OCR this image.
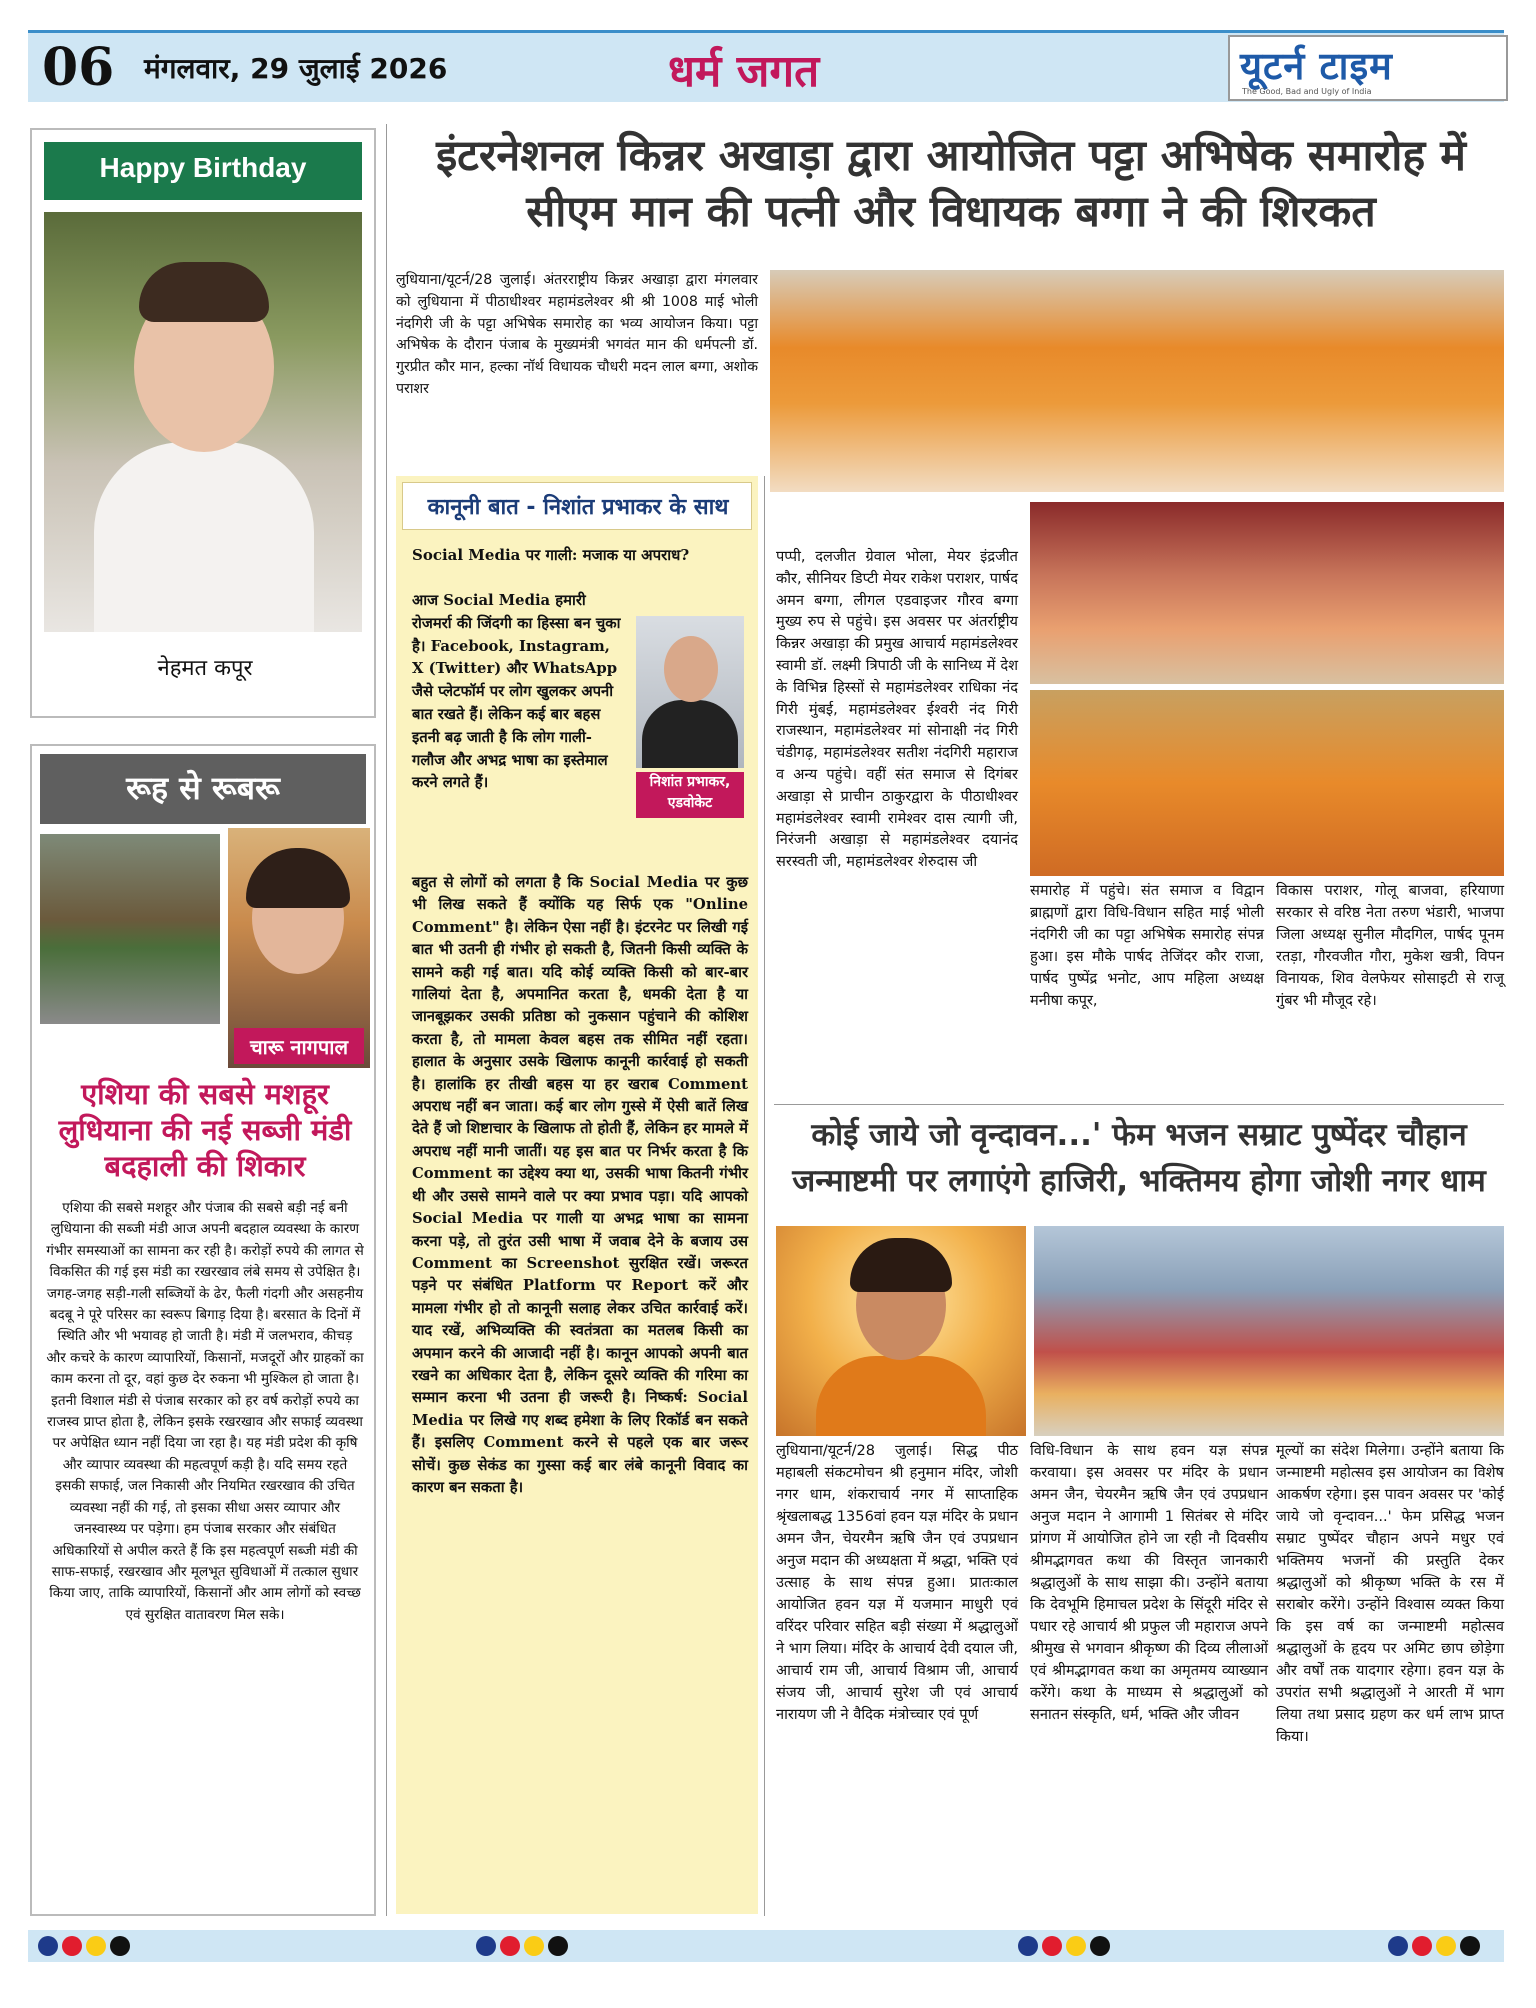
06 मंगलवार, 29 जुलाई 2026	धर्म जगत	यूटर्न टाइम
The Good, Bad and Ugly of India
Happy Birthday
नेहमत कपूर
रूह से रूबरू
चारू नागपाल
एशिया की सबसे मशहूर लुधियाना की नई सब्जी मंडी बदहाली की शिकार
एशिया की सबसे मशहूर और पंजाब की सबसे बड़ी नई बनी लुधियाना की सब्जी मंडी आज अपनी बदहाल व्यवस्था के कारण गंभीर समस्याओं का सामना कर रही है। करोड़ों रुपये की लागत से विकसित की गई इस मंडी का रखरखाव लंबे समय से उपेक्षित है। जगह-जगह सड़ी-गली सब्जियों के ढेर, फैली गंदगी और असहनीय बदबू ने पूरे परिसर का स्वरूप बिगाड़ दिया है। बरसात के दिनों में स्थिति और भी भयावह हो जाती है। मंडी में जलभराव, कीचड़ और कचरे के कारण व्यापारियों, किसानों, मजदूरों और ग्राहकों का काम करना तो दूर, वहां कुछ देर रुकना भी मुश्किल हो जाता है। इतनी विशाल मंडी से पंजाब सरकार को हर वर्ष करोड़ों रुपये का राजस्व प्राप्त होता है, लेकिन इसके रखरखाव और सफाई व्यवस्था पर अपेक्षित ध्यान नहीं दिया जा रहा है। यह मंडी प्रदेश की कृषि और व्यापार व्यवस्था की महत्वपूर्ण कड़ी है। यदि समय रहते इसकी सफाई, जल निकासी और नियमित रखरखाव की उचित व्यवस्था नहीं की गई, तो इसका सीधा असर व्यापार और जनस्वास्थ्य पर पड़ेगा। हम पंजाब सरकार और संबंधित अधिकारियों से अपील करते हैं कि इस महत्वपूर्ण सब्जी मंडी की साफ-सफाई, रखरखाव और मूलभूत सुविधाओं में तत्काल सुधार किया जाए, ताकि व्यापारियों, किसानों और आम लोगों को स्वच्छ एवं सुरक्षित वातावरण मिल सके।
इंटरनेशनल किन्नर अखाड़ा द्वारा आयोजित पट्टा अभिषेक समारोह में सीएम मान की पत्नी और विधायक बग्गा ने की शिरकत
लुधियाना/यूटर्न/28 जुलाई। अंतरराष्ट्रीय किन्नर अखाड़ा द्वारा मंगलवार को लुधियाना में पीठाधीश्वर महामंडलेश्वर श्री श्री 1008 माई भोली नंदगिरी जी के पट्टा अभिषेक समारोह का भव्य आयोजन किया। पट्टा अभिषेक के दौरान पंजाब के मुख्यमंत्री भगवंत मान की धर्मपत्नी डॉ. गुरप्रीत कौर मान, हल्का नॉर्थ विधायक चौधरी मदन लाल बग्गा, अशोक पराशर
पप्पी, दलजीत ग्रेवाल भोला, मेयर इंद्रजीत कौर, सीनियर डिप्टी मेयर राकेश पराशर, पार्षद अमन बग्गा, लीगल एडवाइजर गौरव बग्गा मुख्य रुप से पहुंचे। इस अवसर पर अंतर्राष्ट्रीय किन्नर अखाड़ा की प्रमुख आचार्य महामंडलेश्वर स्वामी डॉ. लक्ष्मी त्रिपाठी जी के सानिध्य में देश के विभिन्न हिस्सों से महामंडलेश्वर राधिका नंद गिरी मुंबई, महामंडलेश्वर ईश्वरी नंद गिरी राजस्थान, महामंडलेश्वर मां सोनाक्षी नंद गिरी चंडीगढ़, महामंडलेश्वर सतीश नंदगिरी महाराज व अन्य पहुंचे। वहीं संत समाज से दिगंबर अखाड़ा से प्राचीन ठाकुरद्वारा के पीठाधीश्वर महामंडलेश्वर स्वामी रामेश्वर दास त्यागी जी, निरंजनी अखाड़ा से महामंडलेश्वर दयानंद सरस्वती जी, महामंडलेश्वर शेरुदास जी
समारोह में पहुंचे। संत समाज व विद्वान ब्राह्मणों द्वारा विधि-विधान सहित माई भोली नंदगिरी जी का पट्टा अभिषेक समारोह संपन्न हुआ। इस मौके पार्षद तेजिंदर कौर राजा, पार्षद पुष्पेंद्र भनोट, आप महिला अध्यक्ष मनीषा कपूर,
विकास पराशर, गोलू बाजवा, हरियाणा सरकार से वरिष्ठ नेता तरुण भंडारी, भाजपा जिला अध्यक्ष सुनील मौदगिल, पार्षद पूनम रतड़ा, गौरवजीत गौरा, मुकेश खत्री, विपन विनायक, शिव वेलफेयर सोसाइटी से राजू गुंबर भी मौजूद रहे।
कानूनी बात - निशांत प्रभाकर के साथ
Social Media पर गाली: मजाक या अपराध?
आज Social Media हमारी रोजमर्रा की जिंदगी का हिस्सा बन चुका है। Facebook, Instagram, X (Twitter) और WhatsApp जैसे प्लेटफॉर्म पर लोग खुलकर अपनी बात रखते हैं। लेकिन कई बार बहस इतनी बढ़ जाती है कि लोग गाली-गलौज और अभद्र भाषा का इस्तेमाल करने लगते हैं।	निशांत प्रभाकर, एडवोकेट
बहुत से लोगों को लगता है कि Social Media पर कुछ भी लिख सकते हैं क्योंकि यह सिर्फ एक "Online Comment" है। लेकिन ऐसा नहीं है। इंटरनेट पर लिखी गई बात भी उतनी ही गंभीर हो सकती है, जितनी किसी व्यक्ति के सामने कही गई बात। यदि कोई व्यक्ति किसी को बार-बार गालियां देता है, अपमानित करता है, धमकी देता है या जानबूझकर उसकी प्रतिष्ठा को नुकसान पहुंचाने की कोशिश करता है, तो मामला केवल बहस तक सीमित नहीं रहता। हालात के अनुसार उसके खिलाफ कानूनी कार्रवाई हो सकती है। हालांकि हर तीखी बहस या हर खराब Comment अपराध नहीं बन जाता। कई बार लोग गुस्से में ऐसी बातें लिख देते हैं जो शिष्टाचार के खिलाफ तो होती हैं, लेकिन हर मामले में अपराध नहीं मानी जातीं। यह इस बात पर निर्भर करता है कि Comment का उद्देश्य क्या था, उसकी भाषा कितनी गंभीर थी और उससे सामने वाले पर क्या प्रभाव पड़ा। यदि आपको Social Media पर गाली या अभद्र भाषा का सामना करना पड़े, तो तुरंत उसी भाषा में जवाब देने के बजाय उस Comment का Screenshot सुरक्षित रखें। जरूरत पड़ने पर संबंधित Platform पर Report करें और मामला गंभीर हो तो कानूनी सलाह लेकर उचित कार्रवाई करें। याद रखें, अभिव्यक्ति की स्वतंत्रता का मतलब किसी का अपमान करने की आजादी नहीं है। कानून आपको अपनी बात रखने का अधिकार देता है, लेकिन दूसरे व्यक्ति की गरिमा का सम्मान करना भी उतना ही जरूरी है। निष्कर्ष: Social Media पर लिखे गए शब्द हमेशा के लिए रिकॉर्ड बन सकते हैं। इसलिए Comment करने से पहले एक बार जरूर सोचें। कुछ सेकंड का गुस्सा कई बार लंबे कानूनी विवाद का कारण बन सकता है।
कोई जाये जो वृन्दावन...' फेम भजन सम्राट पुष्पेंदर चौहान जन्माष्टमी पर लगाएंगे हाजिरी, भक्तिमय होगा जोशी नगर धाम
लुधियाना/यूटर्न/28 जुलाई। सिद्ध पीठ महाबली संकटमोचन श्री हनुमान मंदिर, जोशी नगर धाम, शंकराचार्य नगर में साप्ताहिक श्रृंखलाबद्ध 1356वां हवन यज्ञ मंदिर के प्रधान अमन जैन, चेयरमैन ऋषि जैन एवं उपप्रधान अनुज मदान की अध्यक्षता में श्रद्धा, भक्ति एवं उत्साह के साथ संपन्न हुआ। प्रातःकाल आयोजित हवन यज्ञ में यजमान माधुरी एवं वरिंदर परिवार सहित बड़ी संख्या में श्रद्धालुओं ने भाग लिया। मंदिर के आचार्य देवी दयाल जी, आचार्य राम जी, आचार्य विश्राम जी, आचार्य संजय जी, आचार्य सुरेश जी एवं आचार्य नारायण जी ने वैदिक मंत्रोच्चार एवं पूर्ण
विधि-विधान के साथ हवन यज्ञ संपन्न करवाया। इस अवसर पर मंदिर के प्रधान अमन जैन, चेयरमैन ऋषि जैन एवं उपप्रधान अनुज मदान ने आगामी 1 सितंबर से मंदिर प्रांगण में आयोजित होने जा रही नौ दिवसीय श्रीमद्भागवत कथा की विस्तृत जानकारी श्रद्धालुओं के साथ साझा की। उन्होंने बताया कि देवभूमि हिमाचल प्रदेश के सिंदूरी मंदिर से पधार रहे आचार्य श्री प्रफुल जी महाराज अपने श्रीमुख से भगवान श्रीकृष्ण की दिव्य लीलाओं एवं श्रीमद्भागवत कथा का अमृतमय व्याख्यान करेंगे। कथा के माध्यम से श्रद्धालुओं को सनातन संस्कृति, धर्म, भक्ति और जीवन
मूल्यों का संदेश मिलेगा। उन्होंने बताया कि जन्माष्टमी महोत्सव इस आयोजन का विशेष आकर्षण रहेगा। इस पावन अवसर पर 'कोई जाये जो वृन्दावन...' फेम प्रसिद्ध भजन सम्राट पुष्पेंदर चौहान अपने मधुर एवं भक्तिमय भजनों की प्रस्तुति देकर श्रद्धालुओं को श्रीकृष्ण भक्ति के रस में सराबोर करेंगे। उन्होंने विश्वास व्यक्त किया कि इस वर्ष का जन्माष्टमी महोत्सव श्रद्धालुओं के हृदय पर अमिट छाप छोड़ेगा और वर्षों तक यादगार रहेगा। हवन यज्ञ के उपरांत सभी श्रद्धालुओं ने आरती में भाग लिया तथा प्रसाद ग्रहण कर धर्म लाभ प्राप्त किया।
